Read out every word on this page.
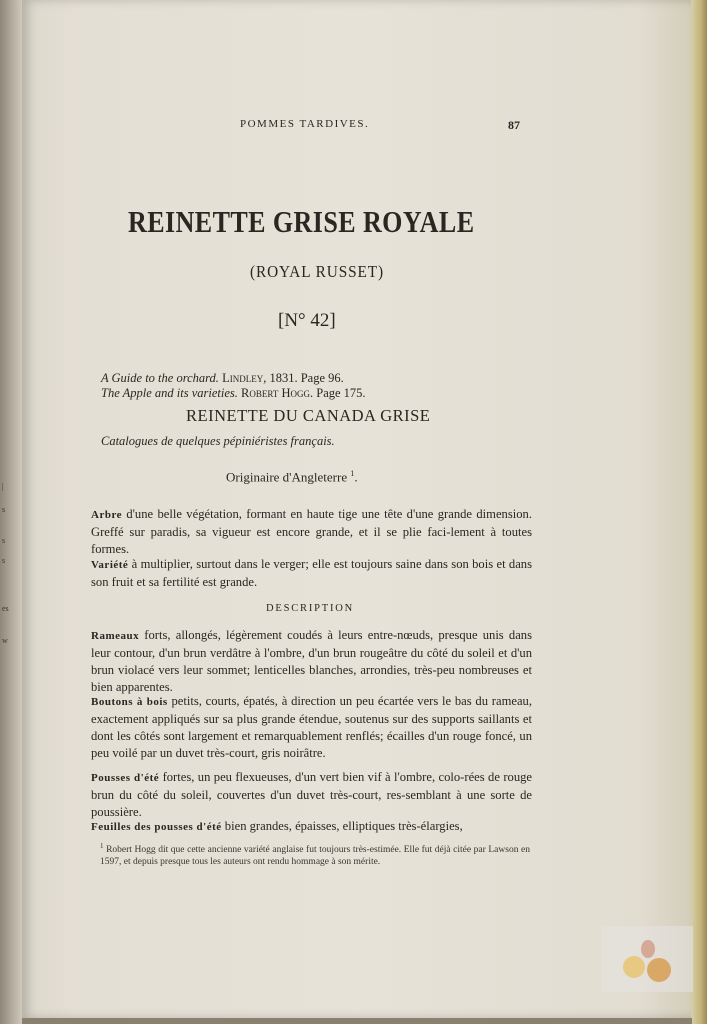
|
s
s
s
es
w
POMMES TARDIVES.	87
REINETTE GRISE ROYALE
(ROYAL RUSSET)
[N° 42]
A Guide to the orchard. Lindley, 1831. Page 96.
The Apple and its varieties. Robert Hogg. Page 175.
REINETTE DU CANADA GRISE
Catalogues de quelques pépiniéristes français.
Originaire d'Angleterre $^1$.
Arbre d'une belle végétation, formant en haute tige une tête d'une grande dimension. Greffé sur paradis, sa vigueur est encore grande, et il se plie faci-lement à toutes formes.
Variété à multiplier, surtout dans le verger; elle est toujours saine dans son bois et dans son fruit et sa fertilité est grande.
DESCRIPTION
Rameaux forts, allongés, légèrement coudés à leurs entre-nœuds, presque unis dans leur contour, d'un brun verdâtre à l'ombre, d'un brun rougeâtre du côté du soleil et d'un brun violacé vers leur sommet; lenticelles blanches, arrondies, très-peu nombreuses et bien apparentes.
Boutons à bois petits, courts, épatés, à direction un peu écartée vers le bas du rameau, exactement appliqués sur sa plus grande étendue, soutenus sur des supports saillants et dont les côtés sont largement et remarquablement renflés; écailles d'un rouge foncé, un peu voilé par un duvet très-court, gris noirâtre.
Pousses d'été fortes, un peu flexueuses, d'un vert bien vif à l'ombre, colo-rées de rouge brun du côté du soleil, couvertes d'un duvet très-court, res-semblant à une sorte de poussière.
Feuilles des pousses d'été bien grandes, épaisses, elliptiques très-élargies,
$^1$ Robert Hogg dit que cette ancienne variété anglaise fut toujours très-estimée. Elle fut déjà citée par Lawson en 1597, et depuis presque tous les auteurs ont rendu hommage à son mérite.
